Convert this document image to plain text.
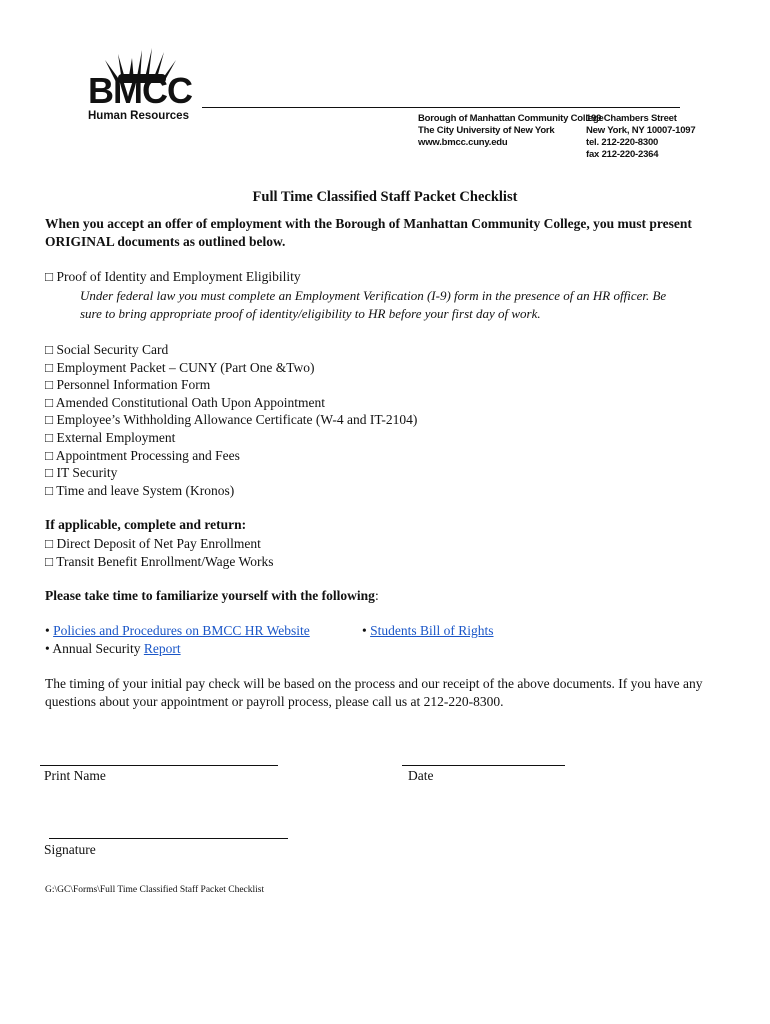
BMCC
Human Resources	Borough of Manhattan Community College
The City University of New York
www.bmcc.cuny.edu
199 Chambers Street
New York, NY 10007-1097
tel. 212-220-8300
fax 212-220-2364
Full Time Classified Staff Packet Checklist
When you accept an offer of employment with the Borough of Manhattan Community College, you must present
ORIGINAL documents as outlined below.
□ Proof of Identity and Employment Eligibility
Under federal law you must complete an Employment Verification (I-9) form in the presence of an HR officer. Be
sure to bring appropriate proof of identity/eligibility to HR before your first day of work.
□ Social Security Card
□ Employment Packet – CUNY (Part One &Two)
□ Personnel Information Form
□ Amended Constitutional Oath Upon Appointment
□ Employee’s Withholding Allowance Certificate (W-4 and IT-2104)
□ External Employment
□ Appointment Processing and Fees
□ IT Security
□ Time and leave System (Kronos)
If applicable, complete and return:
□ Direct Deposit of Net Pay Enrollment
□ Transit Benefit Enrollment/Wage Works
Please take time to familiarize yourself with the following:
• Policies and Procedures on BMCC HR Website	• Students Bill of Rights
• Annual Security Report
The timing of your initial pay check will be based on the process and our receipt of the above documents. If you have any
questions about your appointment or payroll process, please call us at 212-220-8300.
Print Name	Date
Signature
G:\GC\Forms\Full Time Classified Staff Packet Checklist
